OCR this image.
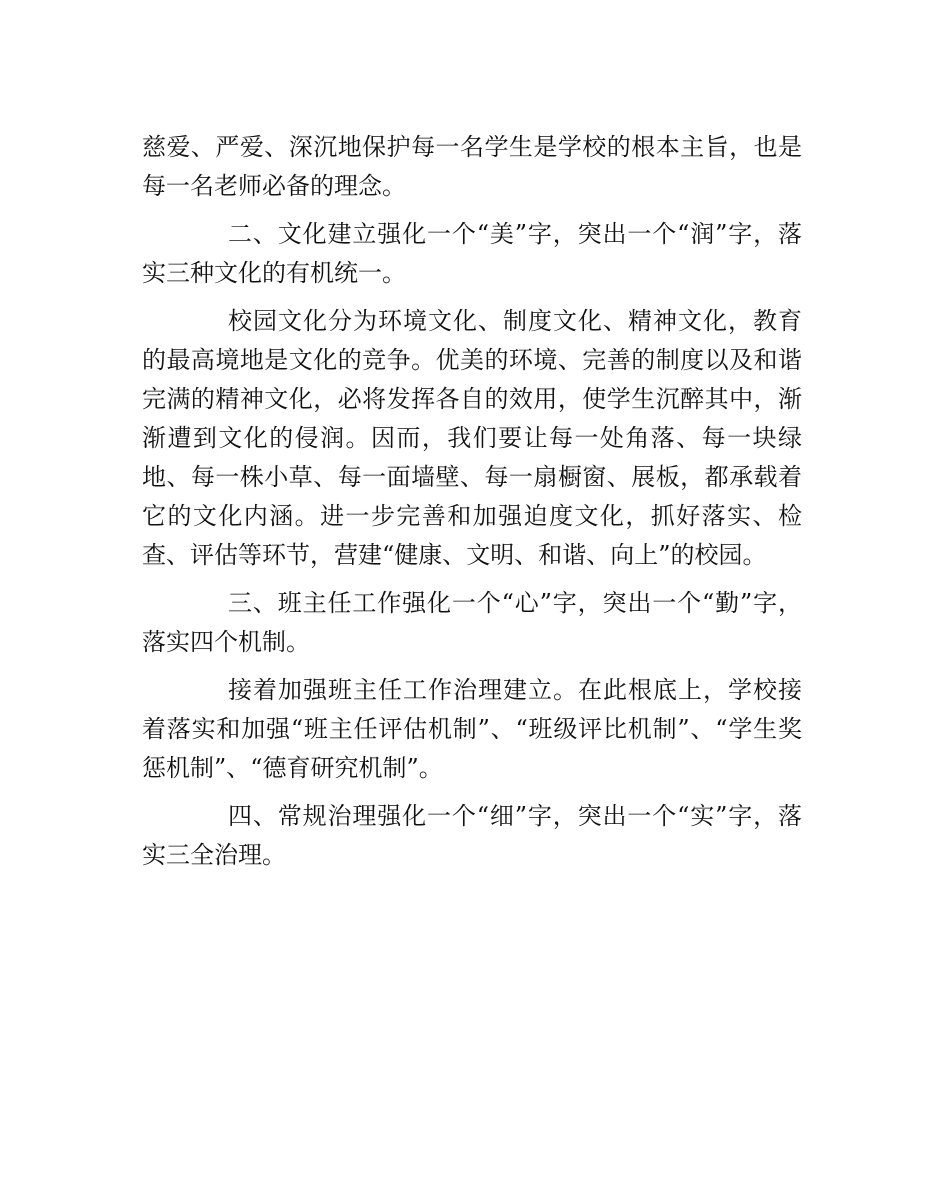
慈爱、严爱、深沉地保护每一名学生是学校的根本主旨，也是每一名老师必备的理念。

二、文化建立强化一个“美”字，突出一个“润”字，落实三种文化的有机统一。

校园文化分为环境文化、制度文化、精神文化，教育的最高境地是文化的竞争。优美的环境、完善的制度以及和谐完满的精神文化，必将发挥各自的效用，使学生沉醉其中，渐渐遭到文化的侵润。因而，我们要让每一处角落、每一块绿地、每一株小草、每一面墙壁、每一扇橱窗、展板，都承载着它的文化内涵。进一步完善和加强迫度文化，抓好落实、检查、评估等环节，营建“健康、文明、和谐、向上”的校园。

三、班主任工作强化一个“心”字，突出一个“勤”字，落实四个机制。

接着加强班主任工作治理建立。在此根底上，学校接着落实和加强“班主任评估机制”、“班级评比机制”、“学生奖惩机制”、“德育研究机制”。

四、常规治理强化一个“细”字，突出一个“实”字，落实三全治理。
